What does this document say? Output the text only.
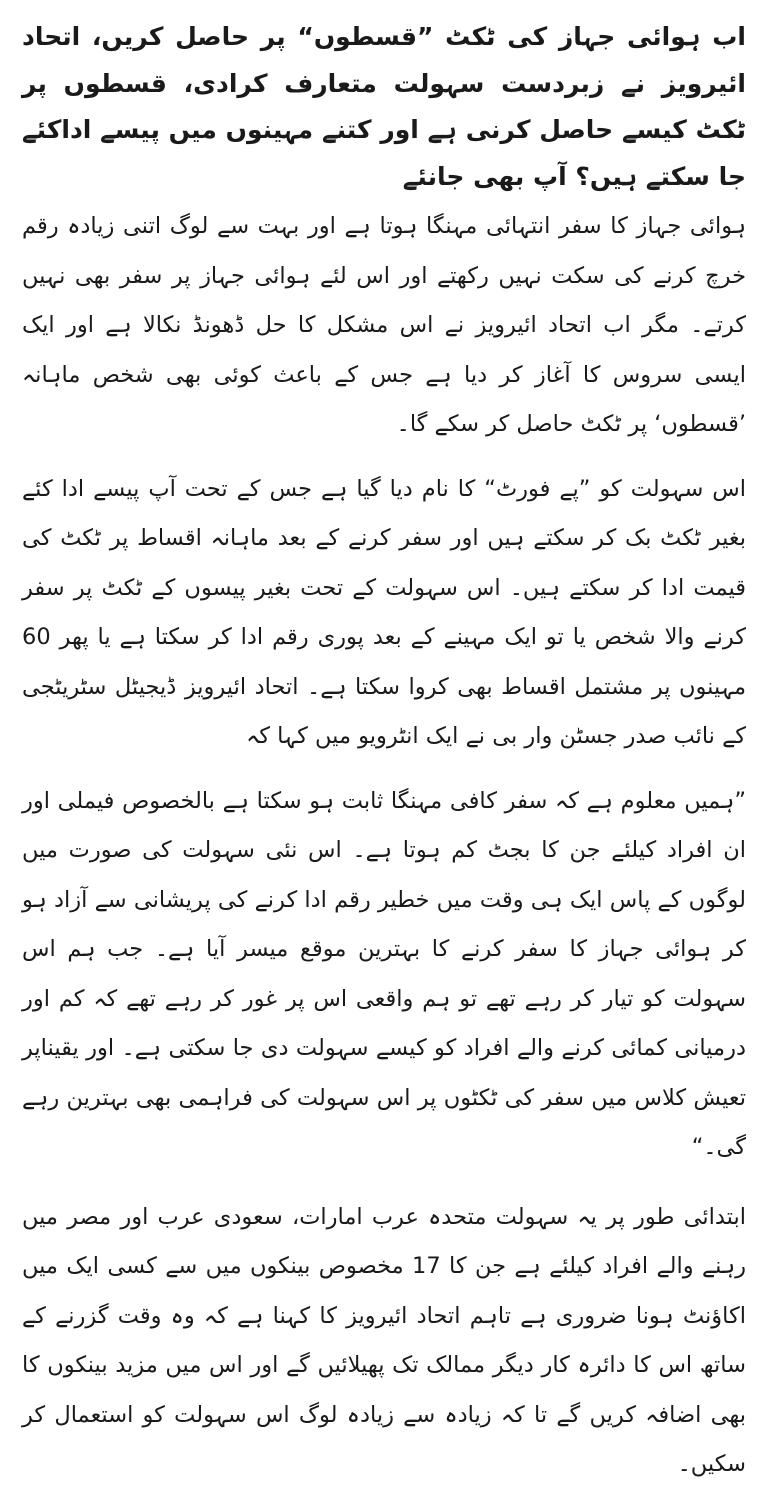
اب ہوائی جہاز کی ٹکٹ ”قسطوں“ پر حاصل کریں، اتحاد ائیرویز نے زبردست سہولت متعارف کرادی، قسطوں پر ٹکٹ کیسے حاصل کرنی ہے اور کتنے مہینوں میں پیسے اداکئے جا سکتے ہیں؟ آپ بھی جانئے

ہوائی جہاز کا سفر انتہائی مہنگا ہوتا ہے اور بہت سے لوگ اتنی زیادہ رقم خرچ کرنے کی سکت نہیں رکھتے اور اس لئے ہوائی جہاز پر سفر بھی نہیں کرتے۔ مگر اب اتحاد ائیرویز نے اس مشکل کا حل ڈھونڈ نکالا ہے اور ایک ایسی سروس کا آغاز کر دیا ہے جس کے باعث کوئی بھی شخص ماہانہ ’قسطوں‘ پر ٹکٹ حاصل کر سکے گا۔

اس سہولت کو ”پے فورٹ“ کا نام دیا گیا ہے جس کے تحت آپ پیسے ادا کئے بغیر ٹکٹ بک کر سکتے ہیں اور سفر کرنے کے بعد ماہانہ اقساط پر ٹکٹ کی قیمت ادا کر سکتے ہیں۔ اس سہولت کے تحت بغیر پیسوں کے ٹکٹ پر سفر کرنے والا شخص یا تو ایک مہینے کے بعد پوری رقم ادا کر سکتا ہے یا پھر 60 مہینوں پر مشتمل اقساط بھی کروا سکتا ہے۔ اتحاد ائیرویز ڈیجیٹل سٹریٹجی کے نائب صدر جسٹن وار بی نے ایک انٹرویو میں کہا کہ

”ہمیں معلوم ہے کہ سفر کافی مہنگا ثابت ہو سکتا ہے بالخصوص فیملی اور ان افراد کیلئے جن کا بجٹ کم ہوتا ہے۔ اس نئی سہولت کی صورت میں لوگوں کے پاس ایک ہی وقت میں خطیر رقم ادا کرنے کی پریشانی سے آزاد ہو کر ہوائی جہاز کا سفر کرنے کا بہترین موقع میسر آیا ہے۔ جب ہم اس سہولت کو تیار کر رہے تھے تو ہم واقعی اس پر غور کر رہے تھے کہ کم اور درمیانی کمائی کرنے والے افراد کو کیسے سہولت دی جا سکتی ہے۔ اور یقیناپر تعیش کلاس میں سفر کی ٹکٹوں پر اس سہولت کی فراہمی بھی بہترین رہے گی۔“

ابتدائی طور پر یہ سہولت متحدہ عرب امارات، سعودی عرب اور مصر میں رہنے والے افراد کیلئے ہے جن کا 17 مخصوص بینکوں میں سے کسی ایک میں اکاؤنٹ ہونا ضروری ہے تاہم اتحاد ائیرویز کا کہنا ہے کہ وہ وقت گزرنے کے ساتھ اس کا دائرہ کار دیگر ممالک تک پھیلائیں گے اور اس میں مزید بینکوں کا بھی اضافہ کریں گے تا کہ زیادہ سے زیادہ لوگ اس سہولت کو استعمال کر سکیں۔
